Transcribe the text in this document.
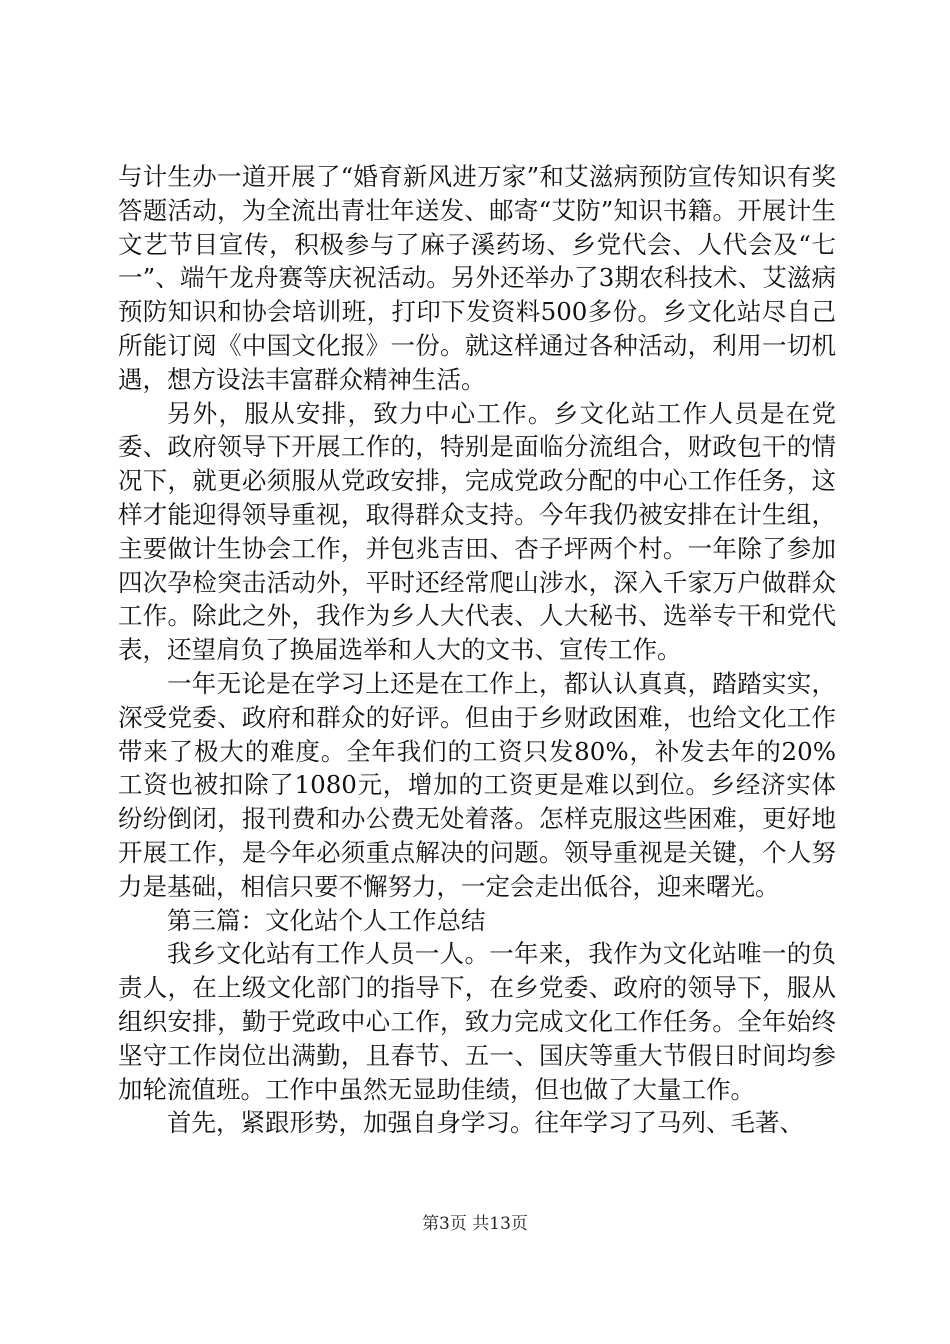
与计生办一道开展了“婚育新风进万家”和艾滋病预防宣传知识有奖答题活动，为全流出青壮年送发、邮寄“艾防”知识书籍。开展计生文艺节目宣传，积极参与了麻子溪药场、乡党代会、人代会及“七一”、端午龙舟赛等庆祝活动。另外还举办了3期农科技术、艾滋病预防知识和协会培训班，打印下发资料500多份。乡文化站尽自己所能订阅《中国文化报》一份。就这样通过各种活动，利用一切机遇，想方设法丰富群众精神生活。

另外，服从安排，致力中心工作。乡文化站工作人员是在党委、政府领导下开展工作的，特别是面临分流组合，财政包干的情况下，就更必须服从党政安排，完成党政分配的中心工作任务，这样才能迎得领导重视，取得群众支持。今年我仍被安排在计生组，主要做计生协会工作，并包兆吉田、杏子坪两个村。一年除了参加四次孕检突击活动外，平时还经常爬山涉水，深入千家万户做群众工作。除此之外，我作为乡人大代表、人大秘书、选举专干和党代表，还望肩负了换届选举和人大的文书、宣传工作。

一年无论是在学习上还是在工作上，都认认真真，踏踏实实，深受党委、政府和群众的好评。但由于乡财政困难，也给文化工作带来了极大的难度。全年我们的工资只发80%，补发去年的20%工资也被扣除了1080元，增加的工资更是难以到位。乡经济实体纷纷倒闭，报刊费和办公费无处着落。怎样克服这些困难，更好地开展工作，是今年必须重点解决的问题。领导重视是关键，个人努力是基础，相信只要不懈努力，一定会走出低谷，迎来曙光。

第三篇：文化站个人工作总结

我乡文化站有工作人员一人。一年来，我作为文化站唯一的负责人，在上级文化部门的指导下，在乡党委、政府的领导下，服从组织安排，勤于党政中心工作，致力完成文化工作任务。全年始终坚守工作岗位出满勤，且春节、五一、国庆等重大节假日时间均参加轮流值班。工作中虽然无显助佳绩，但也做了大量工作。

首先，紧跟形势，加强自身学习。往年学习了马列、毛著、

第3页 共13页
